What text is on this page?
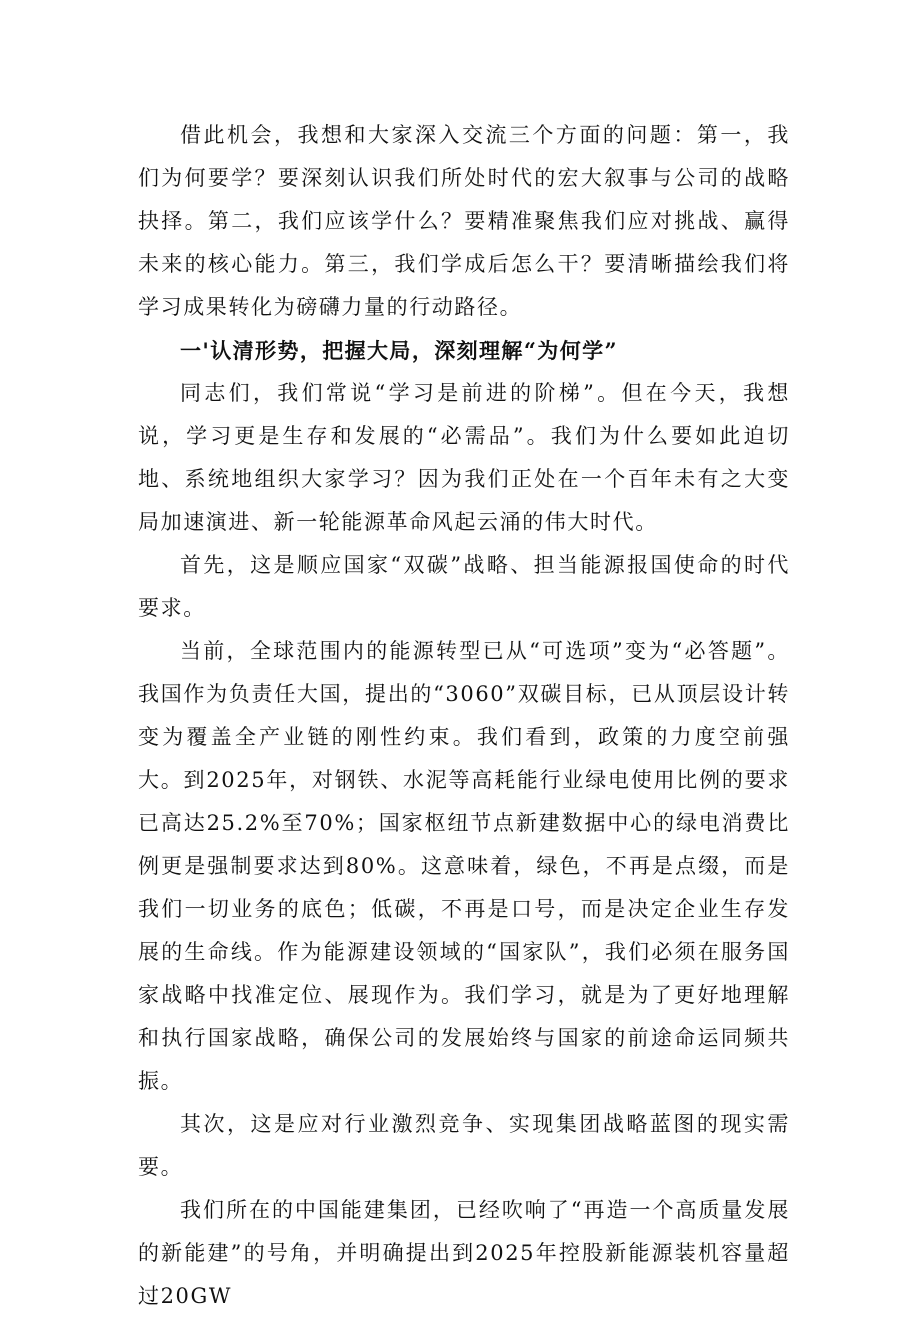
借此机会，我想和大家深入交流三个方面的问题：第一，我们为何要学？要深刻认识我们所处时代的宏大叙事与公司的战略抉择。第二，我们应该学什么？要精准聚焦我们应对挑战、赢得未来的核心能力。第三，我们学成后怎么干？要清晰描绘我们将学习成果转化为磅礴力量的行动路径。

一'认清形势，把握大局，深刻理解“为何学”

同志们，我们常说“学习是前进的阶梯”。但在今天，我想说，学习更是生存和发展的“必需品”。我们为什么要如此迫切地、系统地组织大家学习？因为我们正处在一个百年未有之大变局加速演进、新一轮能源革命风起云涌的伟大时代。

首先，这是顺应国家“双碳”战略、担当能源报国使命的时代要求。

当前，全球范围内的能源转型已从“可选项”变为“必答题”。我国作为负责任大国，提出的“3060”双碳目标，已从顶层设计转变为覆盖全产业链的刚性约束。我们看到，政策的力度空前强大。到2025年，对钢铁、水泥等高耗能行业绿电使用比例的要求已高达25.2%至70%；国家枢纽节点新建数据中心的绿电消费比例更是强制要求达到80%。这意味着，绿色，不再是点缀，而是我们一切业务的底色；低碳，不再是口号，而是决定企业生存发展的生命线。作为能源建设领域的“国家队”，我们必须在服务国家战略中找准定位、展现作为。我们学习，就是为了更好地理解和执行国家战略，确保公司的发展始终与国家的前途命运同频共振。

其次，这是应对行业激烈竞争、实现集团战略蓝图的现实需要。

我们所在的中国能建集团，已经吹响了“再造一个高质量发展的新能建”的号角，并明确提出到2025年控股新能源装机容量超过20GW
